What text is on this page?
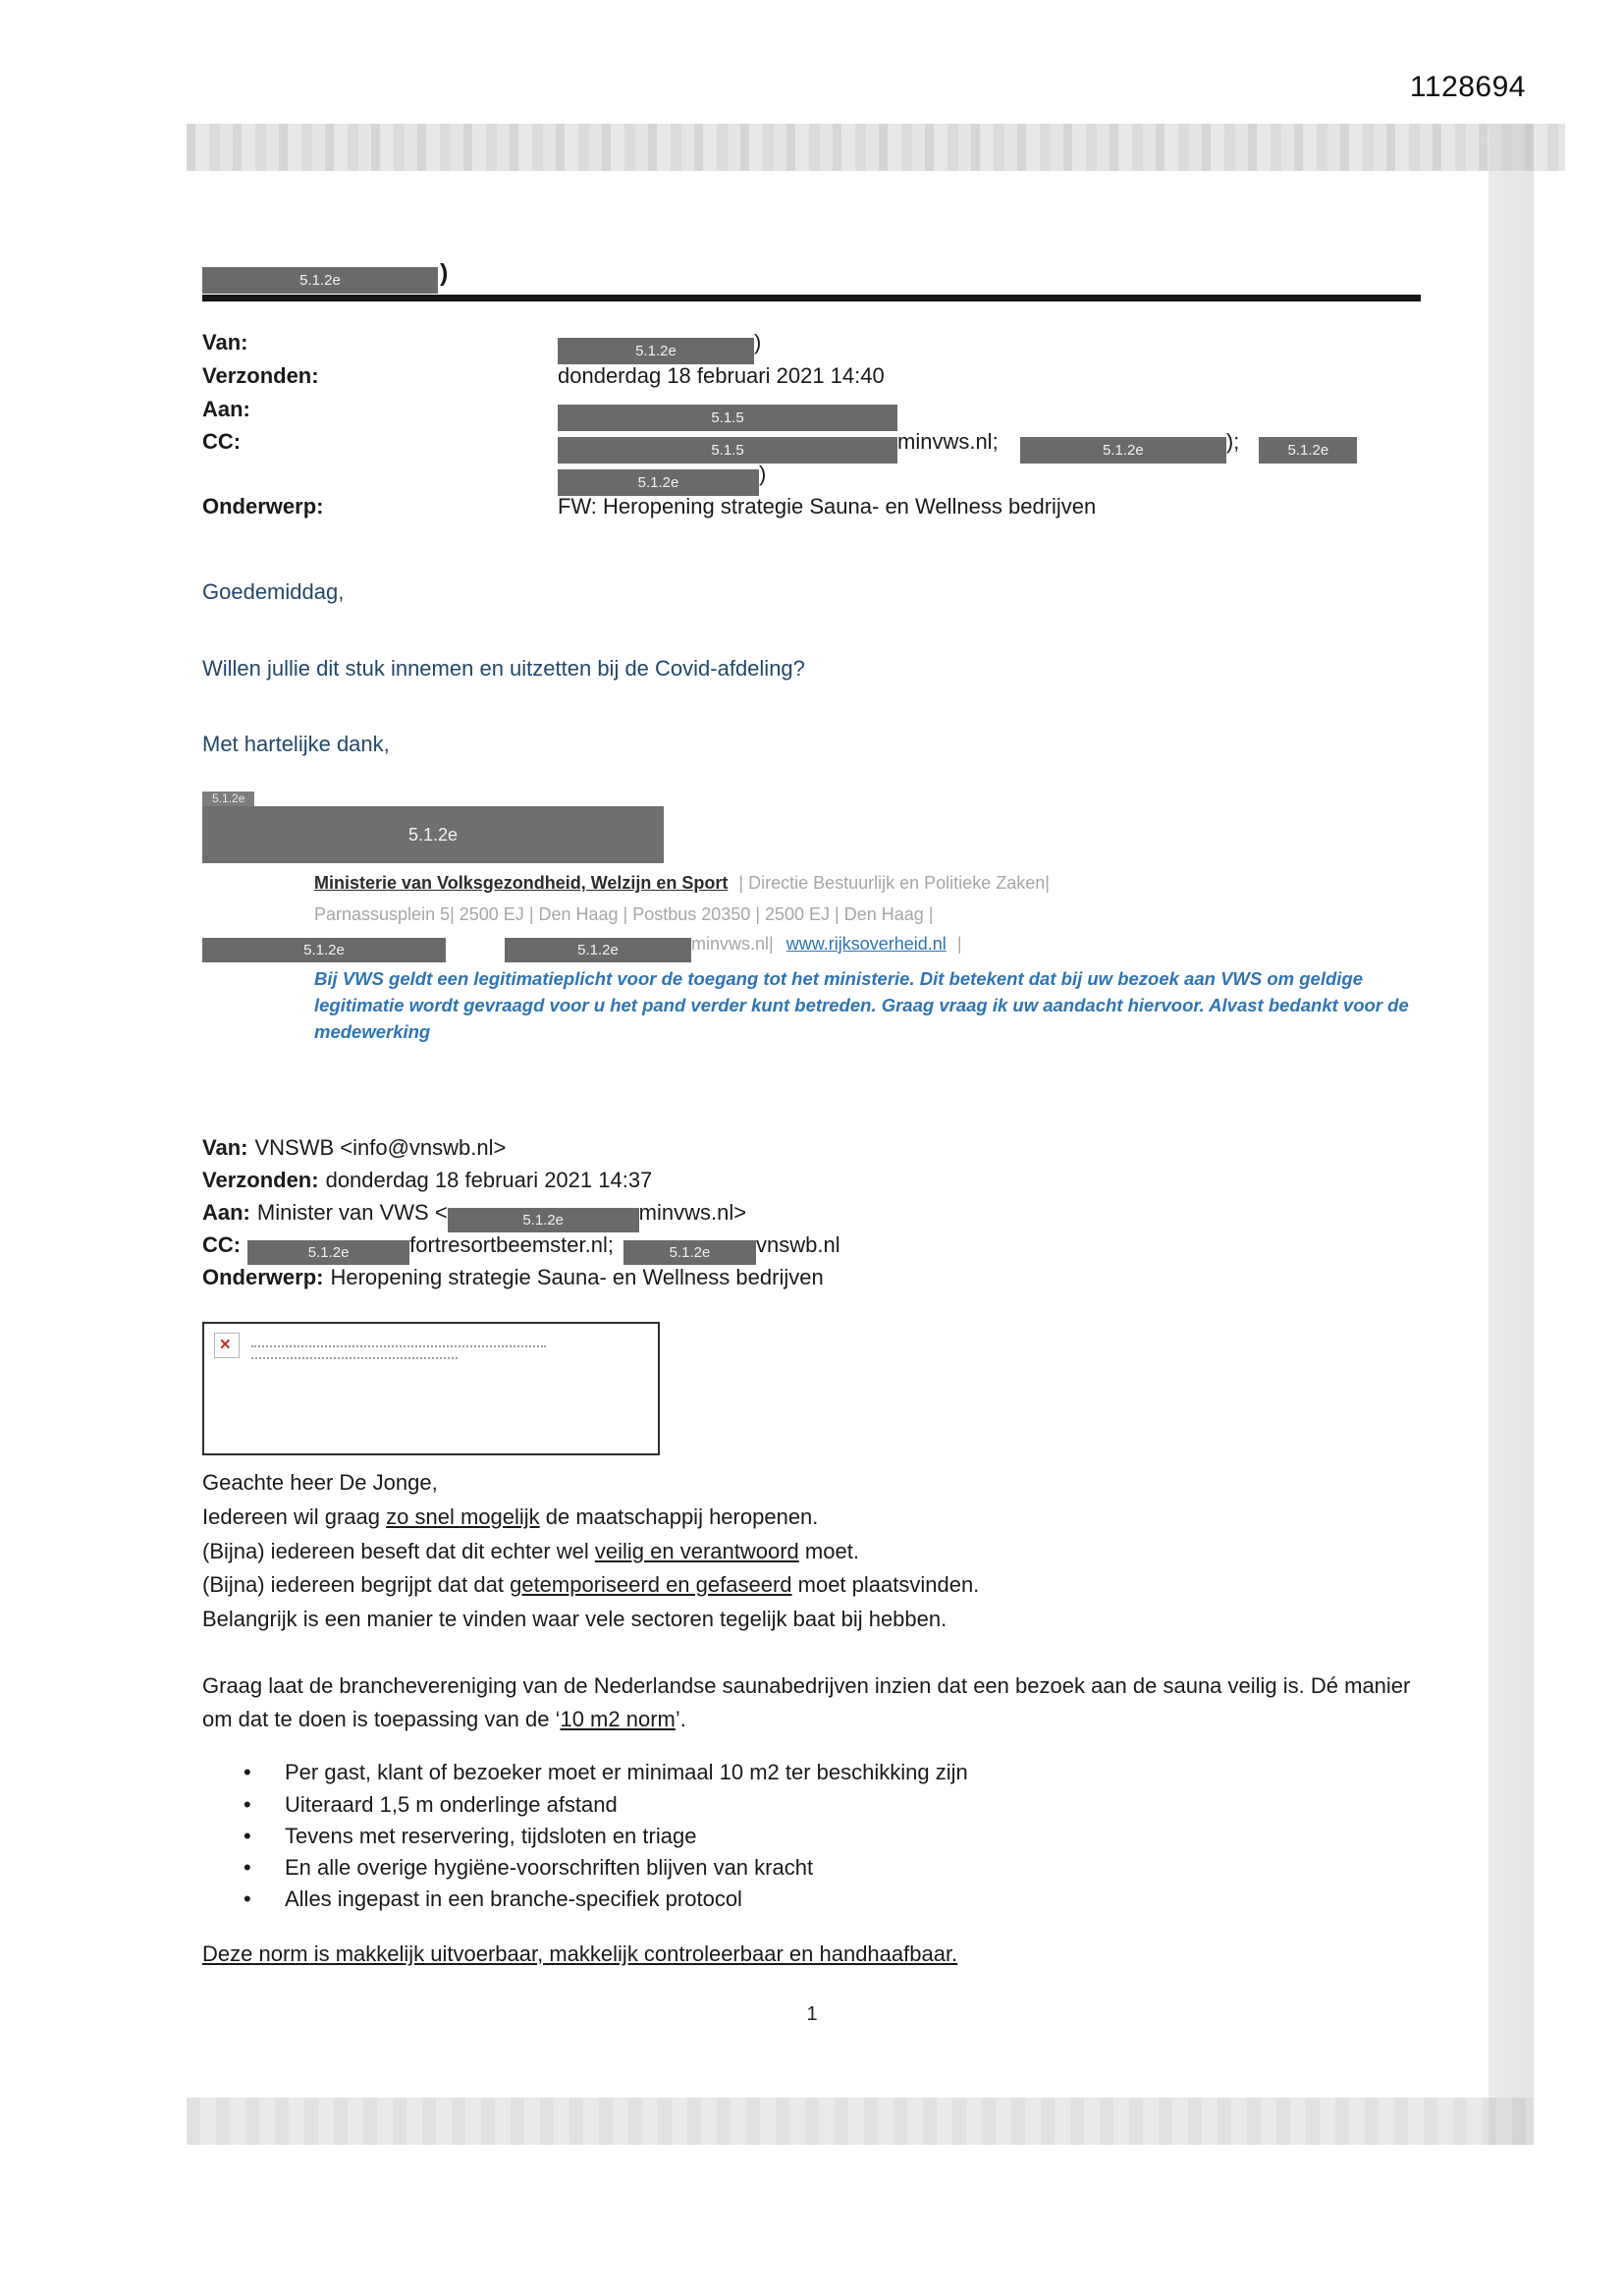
1128694
5.1.2e	)
Van:	5.1.2e	)
Verzonden:	donderdag 18 februari 2021 14:40
Aan:	5.1.5
CC:	5.1.5	minvws.nl;	5.1.2e	);	5.1.2e
5.1.2e	)
Onderwerp:	FW: Heropening strategie Sauna- en Wellness bedrijven
Goedemiddag,
Willen jullie dit stuk innemen en uitzetten bij de Covid-afdeling?
Met hartelijke dank,
5.1.2e
5.1.2e
Ministerie van Volksgezondheid, Welzijn en Sport | Directie Bestuurlijk en Politieke Zaken|
Parnassusplein 5| 2500 EJ | Den Haag | Postbus 20350 | 2500 EJ | Den Haag |
5.1.2e	5.1.2e	minvws.nl| www.rijksoverheid.nl |
Bij VWS geldt een legitimatieplicht voor de toegang tot het ministerie. Dit betekent dat bij uw bezoek aan VWS om geldige legitimatie wordt gevraagd voor u het pand verder kunt betreden. Graag vraag ik uw aandacht hiervoor. Alvast bedankt voor de medewerking
Van: VNSWB <info@vnswb.nl>
Verzonden: donderdag 18 februari 2021 14:37
Aan: Minister van VWS <	5.1.2e	minvws.nl>
CC:	5.1.2e	fortresortbeemster.nl;	5.1.2e vnswb.nl
Onderwerp: Heropening strategie Sauna- en Wellness bedrijven
✕
Geachte heer De Jonge,
Iedereen wil graag zo snel mogelijk de maatschappij heropenen.
(Bijna) iedereen beseft dat dit echter wel veilig en verantwoord moet.
(Bijna) iedereen begrijpt dat dat getemporiseerd en gefaseerd moet plaatsvinden.
Belangrijk is een manier te vinden waar vele sectoren tegelijk baat bij hebben.
Graag laat de branchevereniging van de Nederlandse saunabedrijven inzien dat een bezoek aan de sauna veilig is. Dé manier om dat te doen is toepassing van de ‘10 m2 norm’.
• Per gast, klant of bezoeker moet er minimaal 10 m2 ter beschikking zijn
• Uiteraard 1,5 m onderlinge afstand
• Tevens met reservering, tijdsloten en triage
• En alle overige hygiëne-voorschriften blijven van kracht
• Alles ingepast in een branche-specifiek protocol
Deze norm is makkelijk uitvoerbaar, makkelijk controleerbaar en handhaafbaar.
1
